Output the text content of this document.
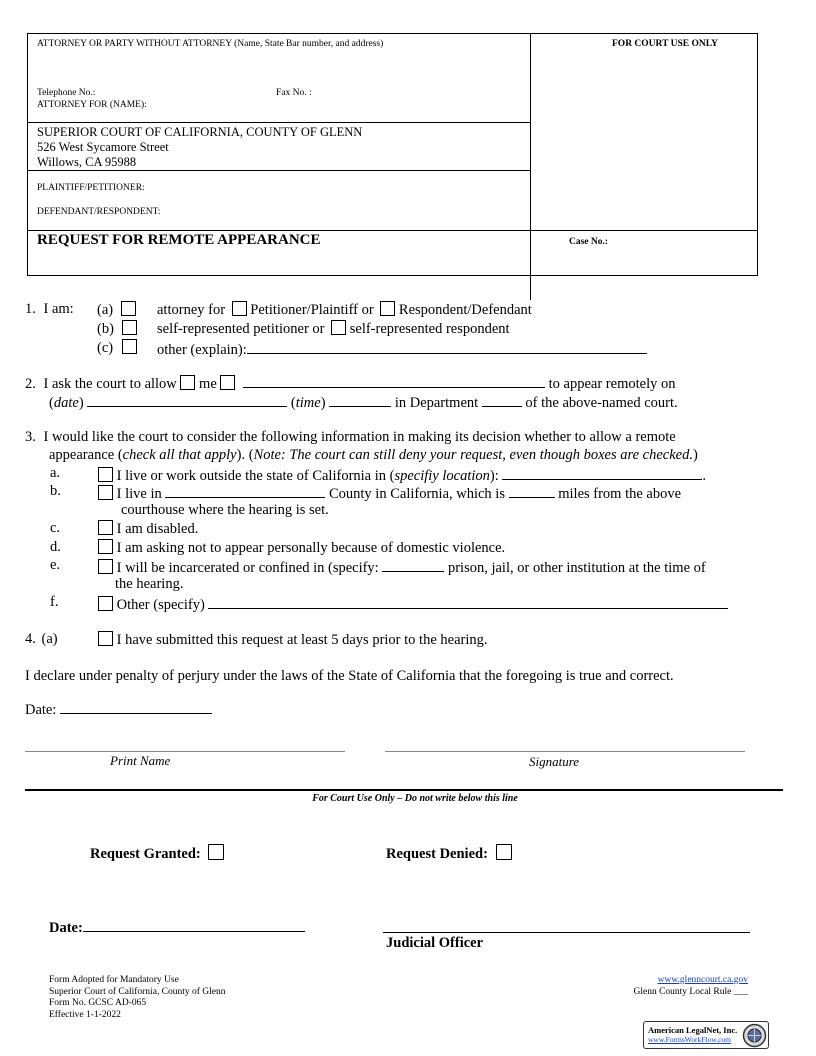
ATTORNEY OR PARTY WITHOUT ATTORNEY (Name, State Bar number, and address)	FOR COURT USE ONLY
Telephone No.:	Fax No. :
ATTORNEY FOR (NAME):
SUPERIOR COURT OF CALIFORNIA, COUNTY OF GLENN
526 West Sycamore Street
Willows, CA 95988
PLAINTIFF/PETITIONER:
DEFENDANT/RESPONDENT:
REQUEST FOR REMOTE APPEARANCE	Case No.:
1. I am: (a)	attorney for Petitioner/Plaintiff or Respondent/Defendant
(b)	self-represented petitioner or self-represented respondent
(c)	other (explain):
2. I ask the court to allow me	to appear remotely on
(date)	(time)	in Department	of the above-named court.
3. I would like the court to consider the following information in making its decision whether to allow a remote
appearance (check all that apply). (Note: The court can still deny your request, even though boxes are checked.)
a.	I live or work outside the state of California in (specifiy location):	.
b.	I live in	County in California, which is	miles from the above
courthouse where the hearing is set.
c.	I am disabled.
d.	I am asking not to appear personally because of domestic violence.
e.	I will be incarcerated or confined in (specify:	prison, jail, or other institution at the time of
the hearing.
f.	Other (specify)
4. (a)	I have submitted this request at least 5 days prior to the hearing.
I declare under penalty of perjury under the laws of the State of California that the foregoing is true and correct.
Date:
Print Name	Signature
For Court Use Only – Do not write below this line
Request Granted:	Request Denied:
Date:
Judicial Officer
Form Adopted for Mandatory Use
Superior Court of California, County of Glenn
Form No. GCSC AD-065
Effective 1-1-2022
www.glenncourt.ca.gov
Glenn County Local Rule ___
American LegalNet, Inc.
www.FormsWorkFlow.com
